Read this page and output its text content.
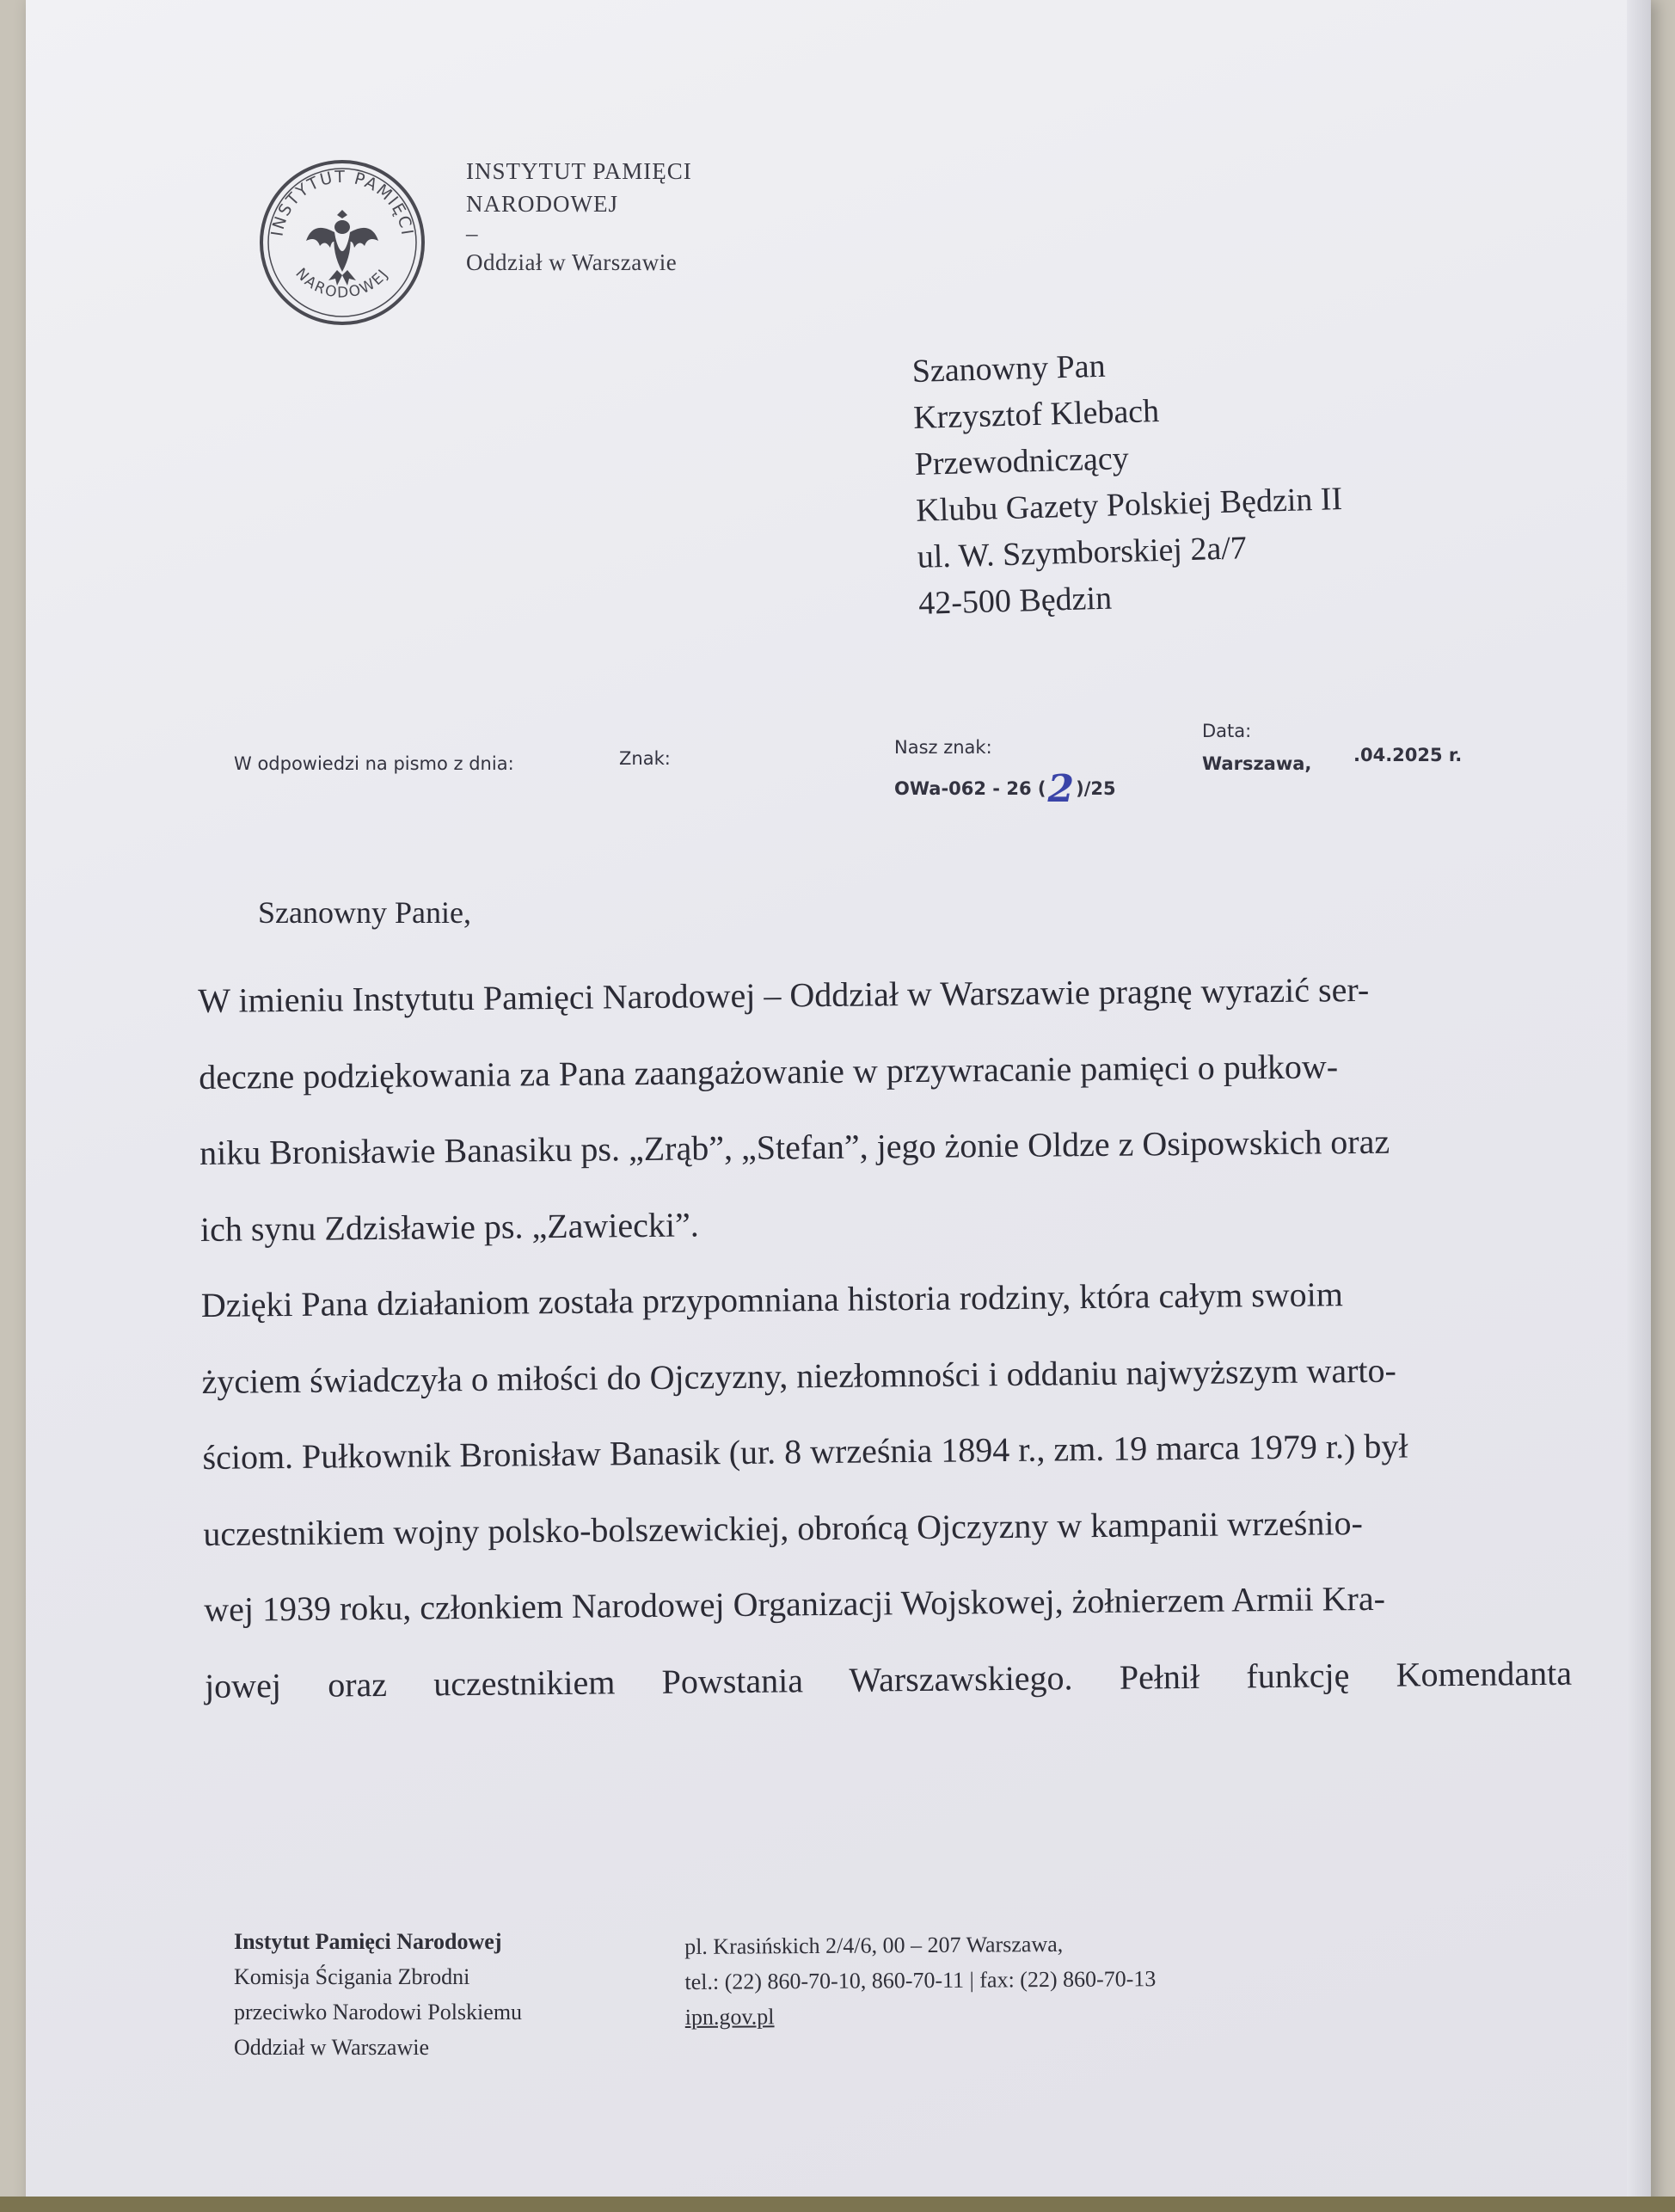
INSTYTUT PAMIĘCI
NARODOWEJ
INSTYTUT PAMIĘCI
NARODOWEJ
–
Oddział w Warszawie
Szanowny Pan
Krzysztof Klebach
Przewodniczący
Klubu Gazety Polskiej Będzin II
ul. W. Szymborskiej 2a/7
42-500 Będzin
W odpowiedzi na pismo z dnia:	Znak:
Nasz znak:
OWa-062 - 26 (2)/25
Data:
Warszawa, .04.2025 r.
Szanowny Panie,
W imieniu Instytutu Pamięci Narodowej – Oddział w Warszawie pragnę wyrazić ser-
deczne podziękowania za Pana zaangażowanie w przywracanie pamięci o pułkow-
niku Bronisławie Banasiku ps. „Zrąb”, „Stefan”, jego żonie Oldze z Osipowskich oraz
ich synu Zdzisławie ps. „Zawiecki”.
Dzięki Pana działaniom została przypomniana historia rodziny, która całym swoim
życiem świadczyła o miłości do Ojczyzny, niezłomności i oddaniu najwyższym warto-
ściom. Pułkownik Bronisław Banasik (ur. 8 września 1894 r., zm. 19 marca 1979 r.) był
uczestnikiem wojny polsko-bolszewickiej, obrońcą Ojczyzny w kampanii wrześnio-
wej 1939 roku, członkiem Narodowej Organizacji Wojskowej, żołnierzem Armii Kra-
jowej oraz uczestnikiem Powstania Warszawskiego. Pełnił funkcję Komendanta
Instytut Pamięci Narodowej
Komisja Ścigania Zbrodni
przeciwko Narodowi Polskiemu
Oddział w Warszawie
pl. Krasińskich 2/4/6, 00 – 207 Warszawa,
tel.: (22) 860-70-10, 860-70-11 | fax: (22) 860-70-13
ipn.gov.pl
